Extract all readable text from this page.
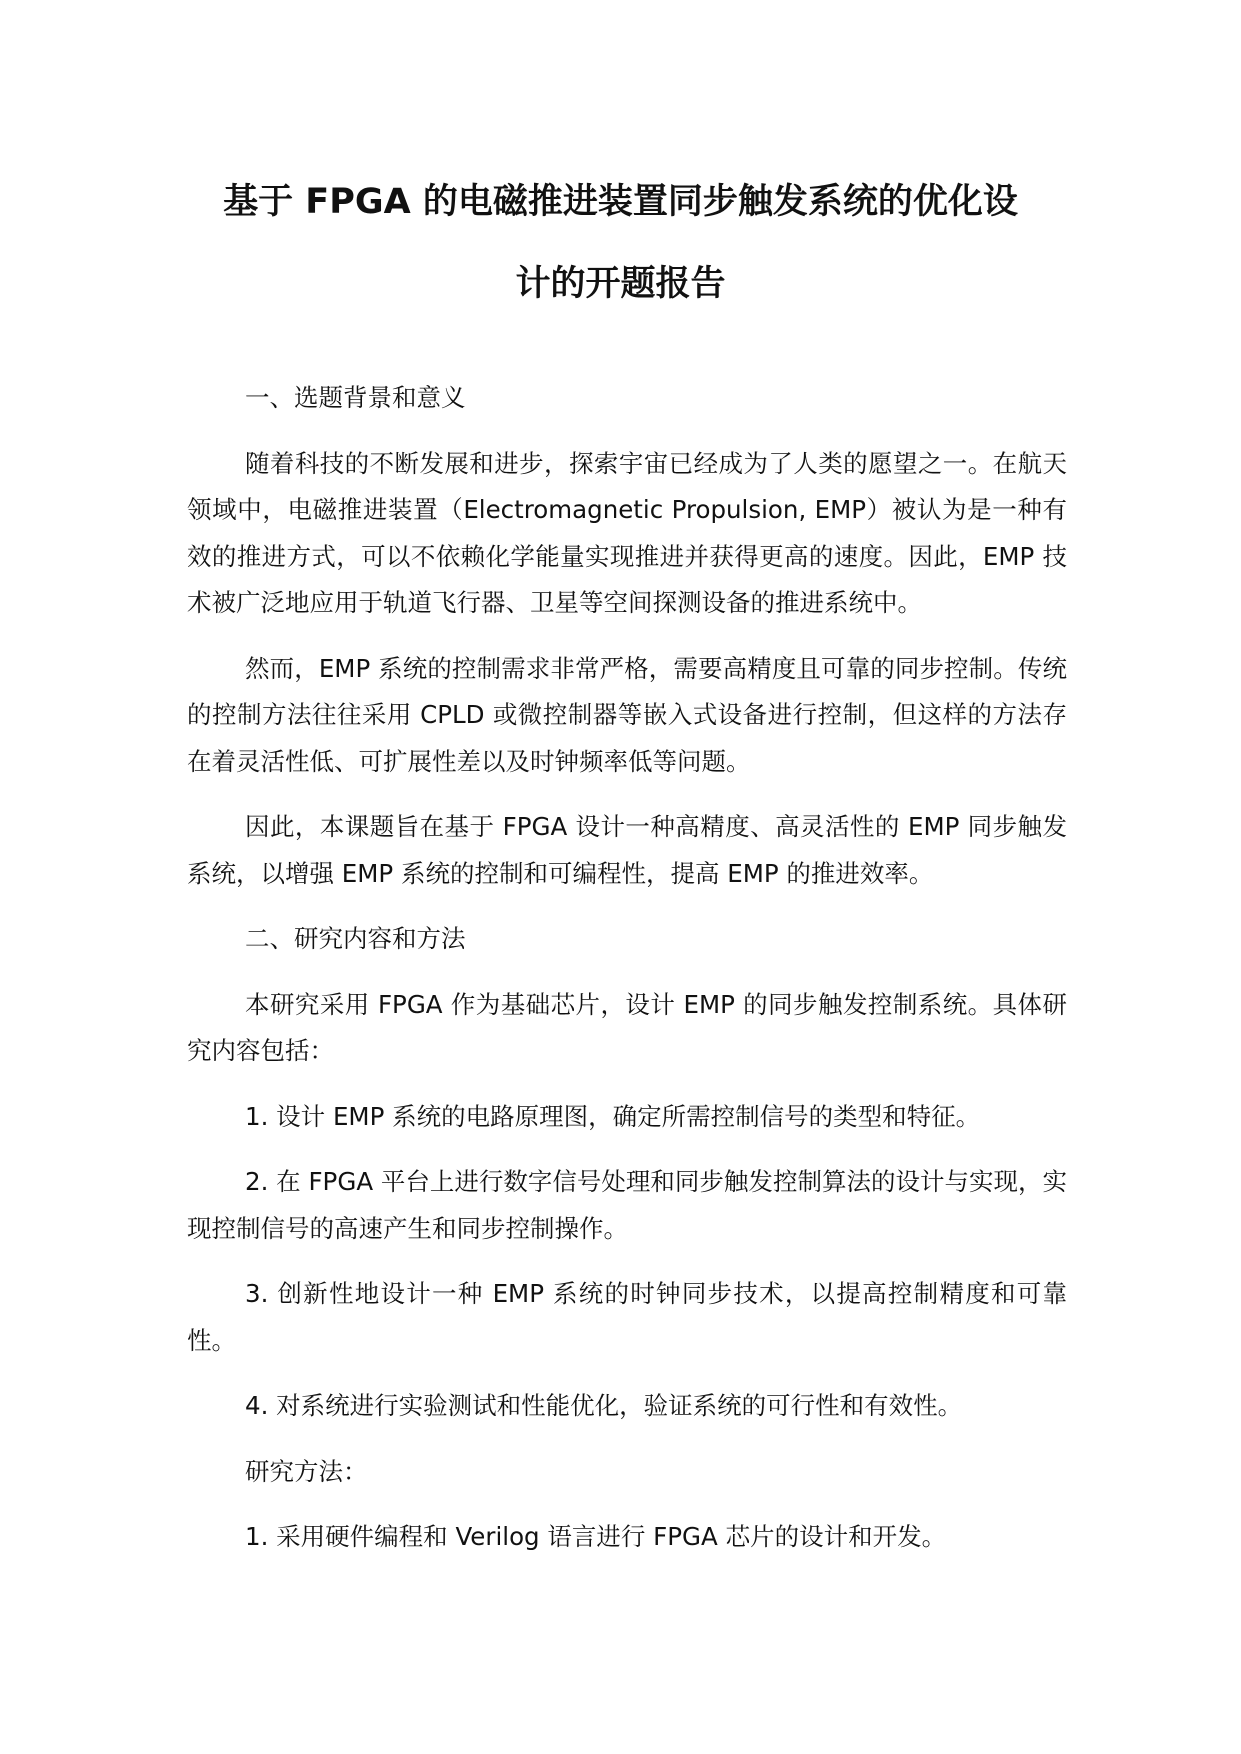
基于 FPGA 的电磁推进装置同步触发系统的优化设
计的开题报告
一、选题背景和意义
随着科技的不断发展和进步，探索宇宙已经成为了人类的愿望之一。在航天领域中，电磁推进装置（Electromagnetic Propulsion, EMP）被认为是一种有效的推进方式，可以不依赖化学能量实现推进并获得更高的速度。因此，EMP 技术被广泛地应用于轨道飞行器、卫星等空间探测设备的推进系统中。
然而，EMP 系统的控制需求非常严格，需要高精度且可靠的同步控制。传统的控制方法往往采用 CPLD 或微控制器等嵌入式设备进行控制，但这样的方法存在着灵活性低、可扩展性差以及时钟频率低等问题。
因此，本课题旨在基于 FPGA 设计一种高精度、高灵活性的 EMP 同步触发系统，以增强 EMP 系统的控制和可编程性，提高 EMP 的推进效率。
二、研究内容和方法
本研究采用 FPGA 作为基础芯片，设计 EMP 的同步触发控制系统。具体研究内容包括：
1. 设计 EMP 系统的电路原理图，确定所需控制信号的类型和特征。
2. 在 FPGA 平台上进行数字信号处理和同步触发控制算法的设计与实现，实现控制信号的高速产生和同步控制操作。
3. 创新性地设计一种 EMP 系统的时钟同步技术，以提高控制精度和可靠性。
4. 对系统进行实验测试和性能优化，验证系统的可行性和有效性。
研究方法：
1. 采用硬件编程和 Verilog 语言进行 FPGA 芯片的设计和开发。
